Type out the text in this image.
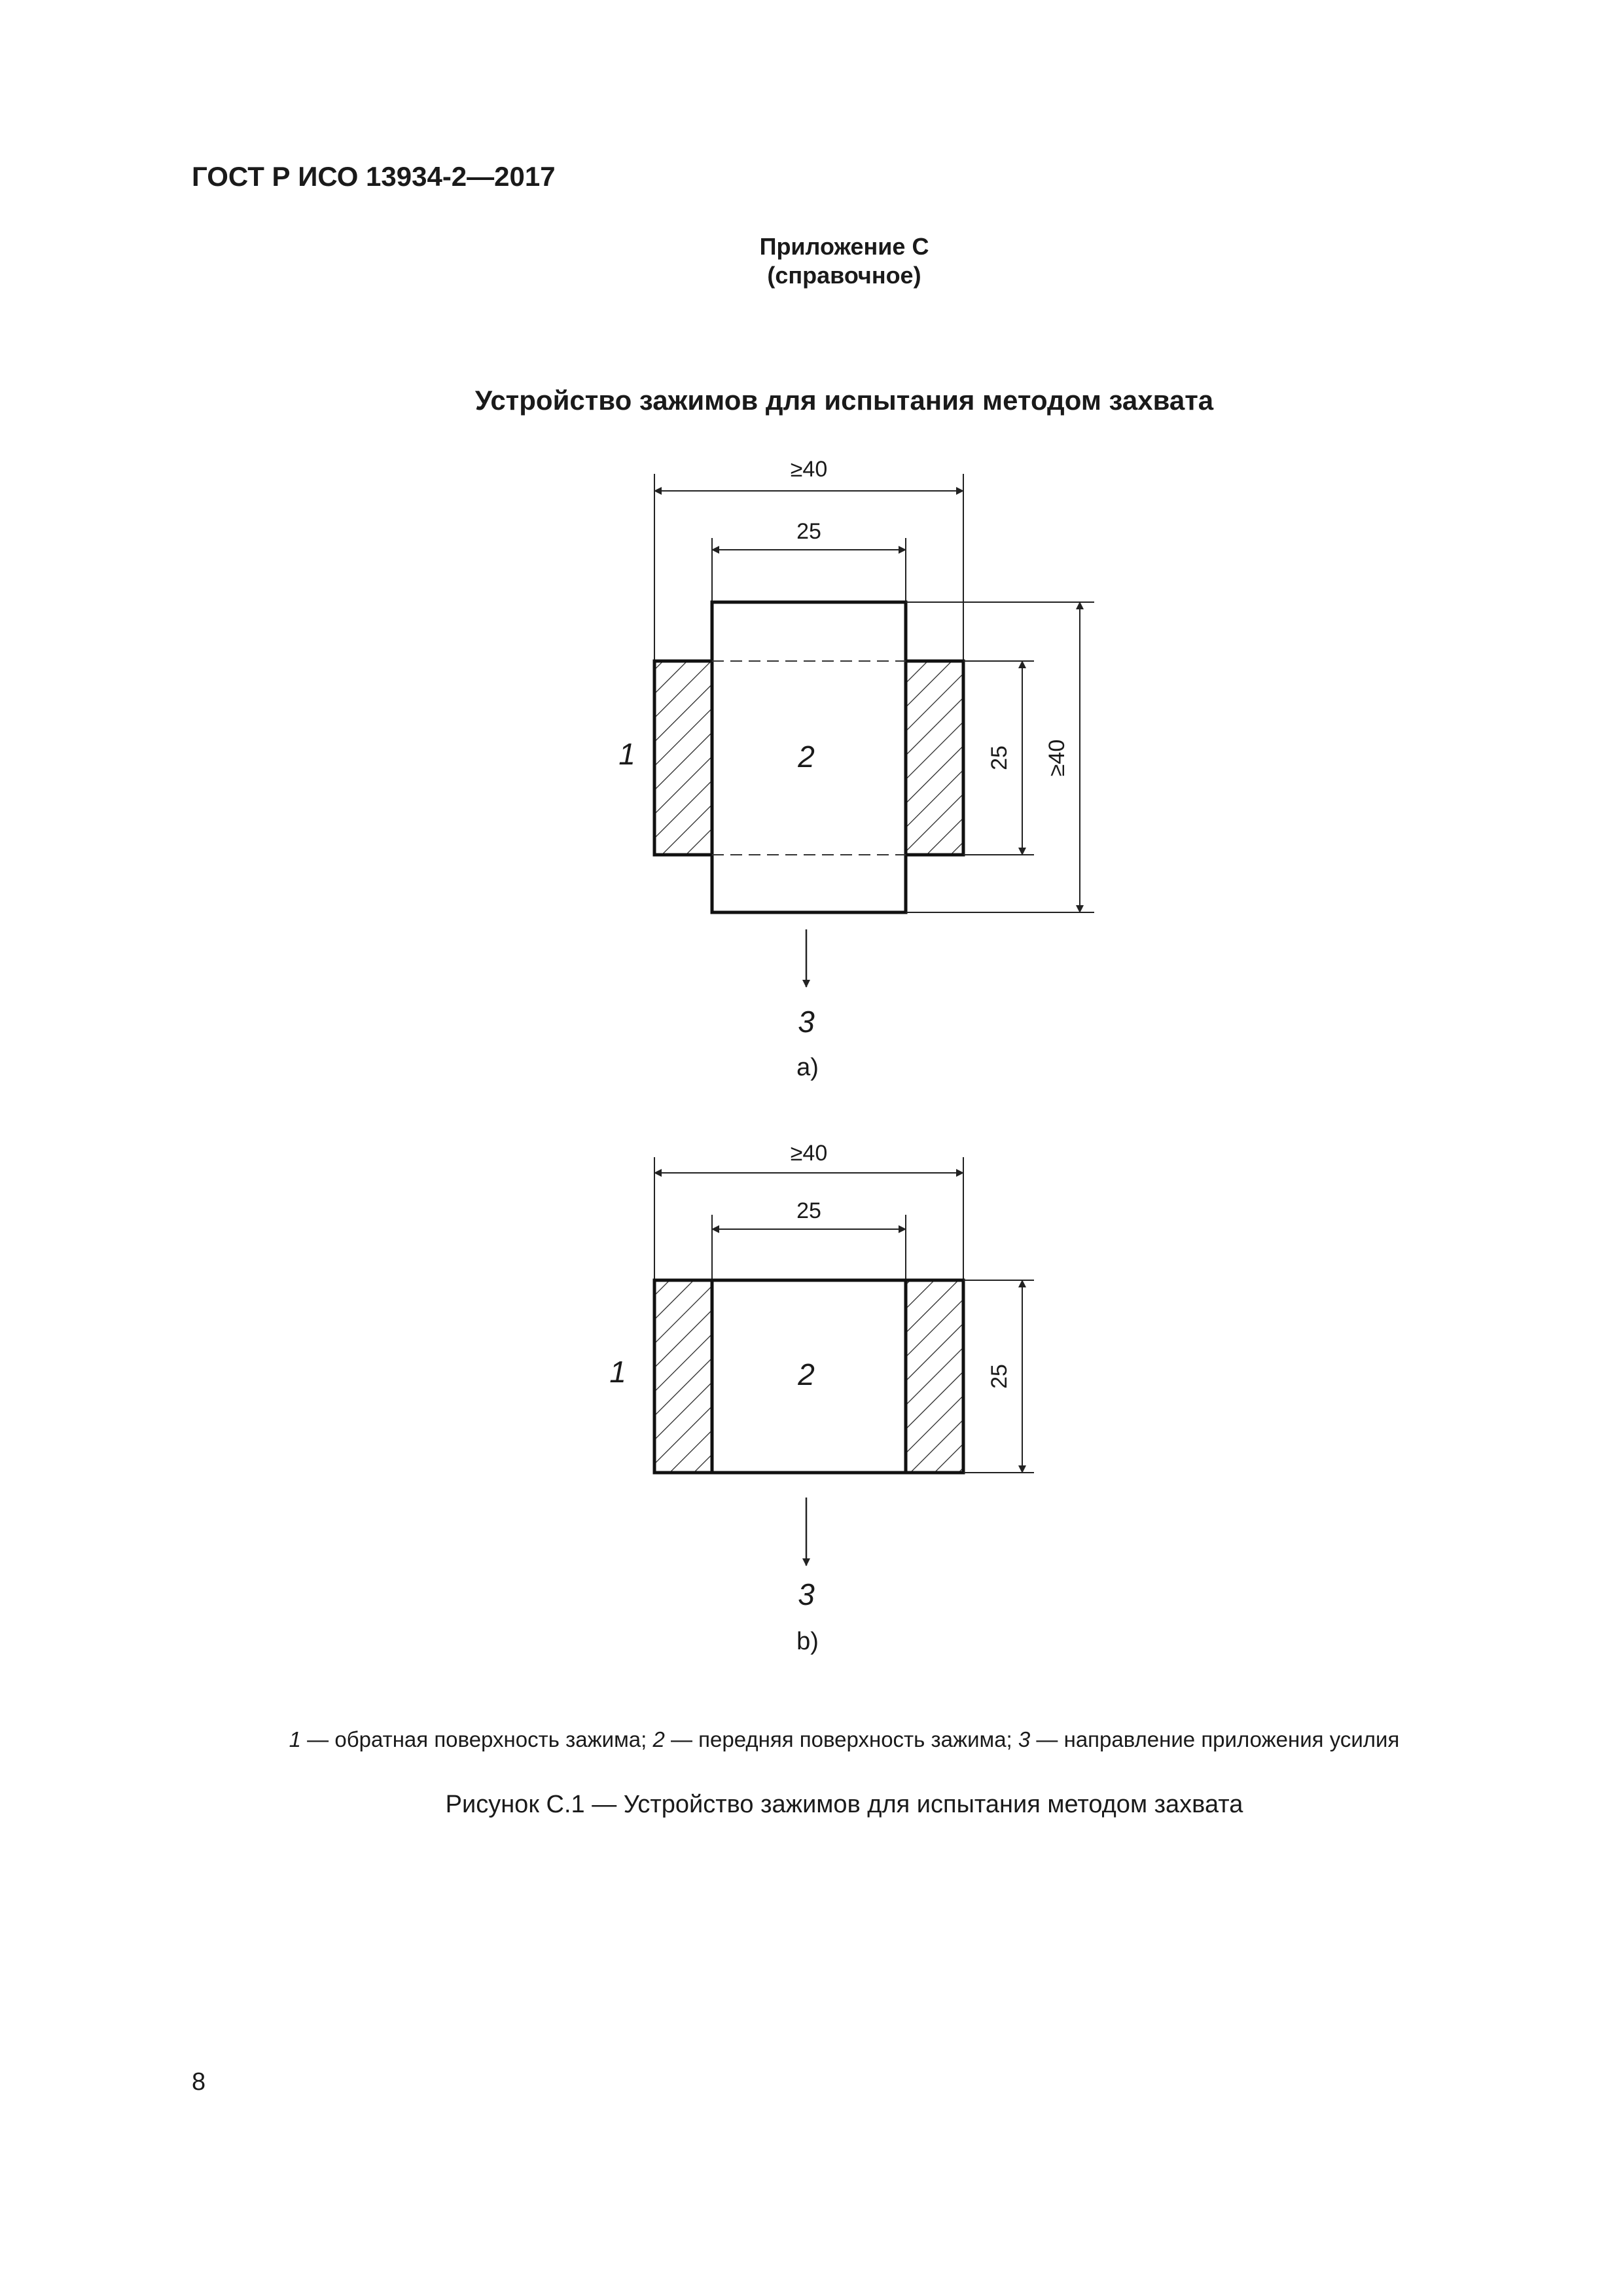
ГОСТ Р ИСО 13934-2—2017
Приложение С
(справочное)
Устройство зажимов для испытания методом захвата
≥40
25
25 ≥40
1	2
3
a)
≥40
25
25
1	2
3
b)
1 — обратная поверхность зажима; 2 — передняя поверхность зажима; 3 — направление приложения усилия
Рисунок С.1 — Устройство зажимов для испытания методом захвата
8
